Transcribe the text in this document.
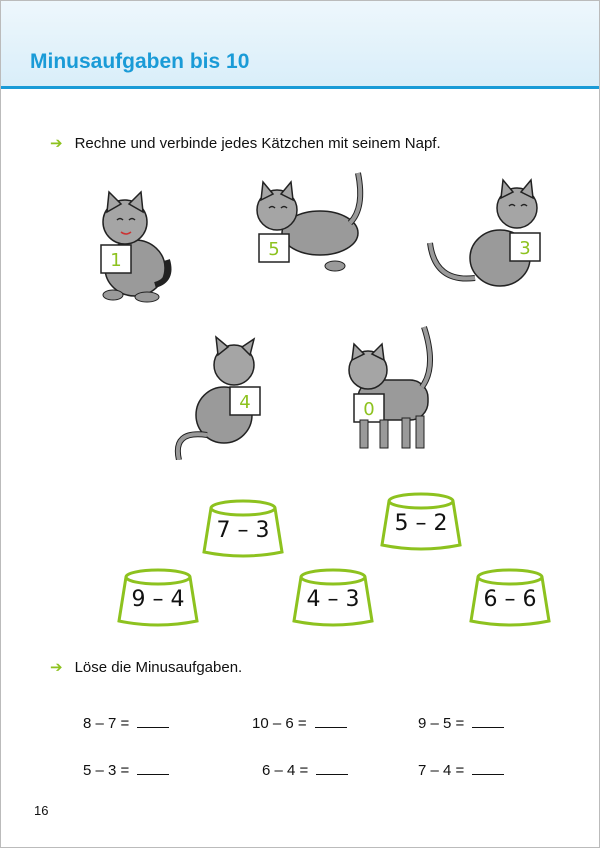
Minusaufgaben bis 10
➔ Rechne und verbinde jedes Kätzchen mit seinem Napf.
1
5	3
4	0
7 – 3	5 – 2
9 – 4	4 – 3	6 – 6
➔ Löse die Minusaufgaben.
8 – 7 =	10 – 6 =	9 – 5 =
5 – 3 =	6 – 4 =	7 – 4 =
16
